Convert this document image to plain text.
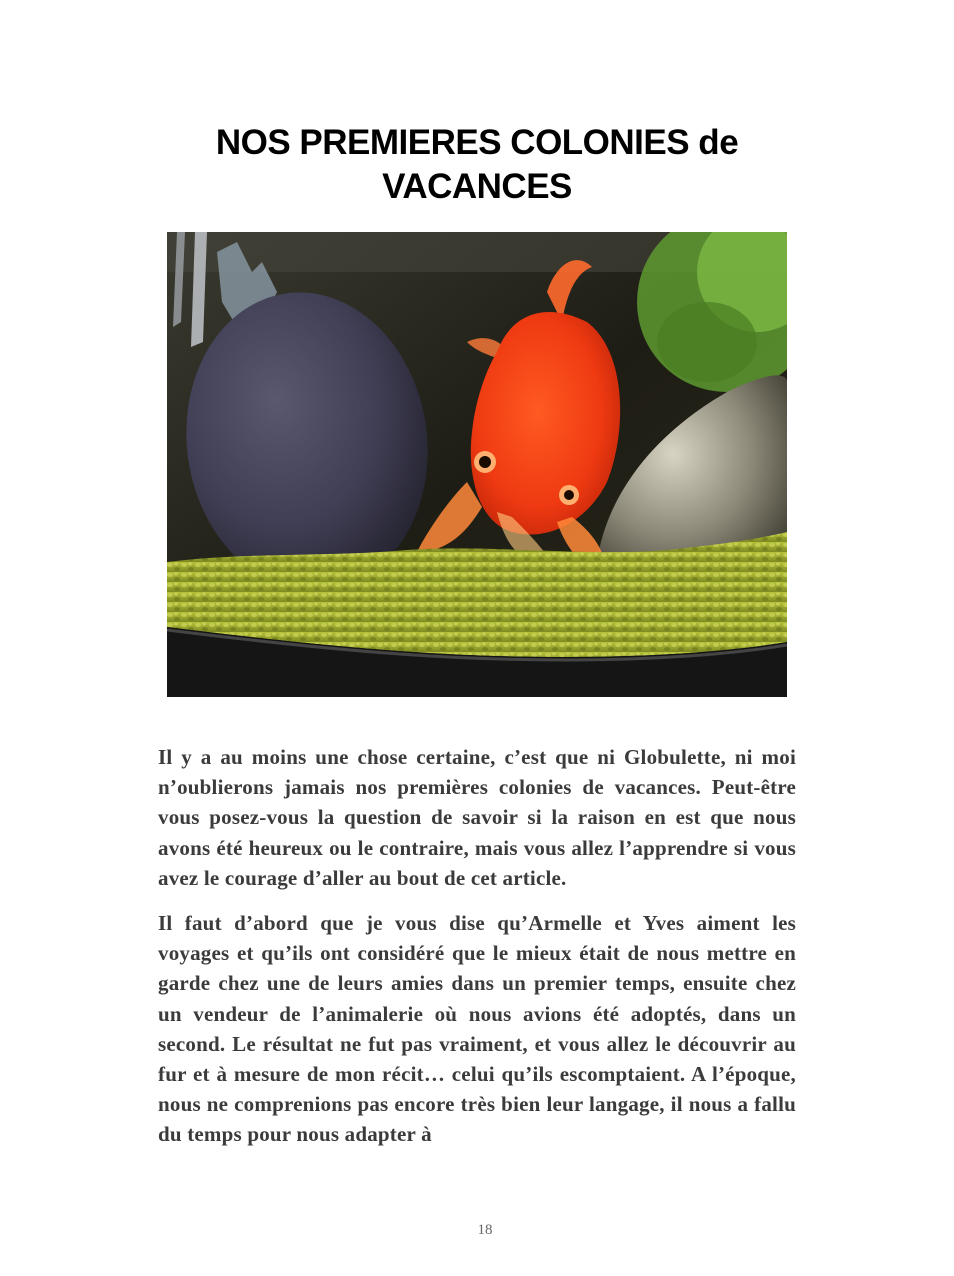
NOS PREMIERES COLONIES de
VACANCES

Il y a au moins une chose certaine, c’est que ni Globulette, ni moi n’oublierons jamais nos premières colonies de vacances. Peut-être vous posez-vous la question de savoir si la raison en est que nous avons été heureux ou le contraire, mais vous allez l’apprendre si vous avez le courage d’aller au bout de cet article.

Il faut d’abord que je vous dise qu’Armelle et Yves aiment les voyages et qu’ils ont considéré que le mieux était de nous mettre en garde chez une de leurs amies dans un premier temps, ensuite chez un vendeur de l’animalerie où nous avions été adoptés, dans un second. Le résultat ne fut pas vraiment, et vous allez le découvrir au fur et à mesure de mon récit… celui qu’ils escomptaient. A l’époque, nous ne comprenions pas encore très bien leur langage, il nous a fallu du temps pour nous adapter à

18
